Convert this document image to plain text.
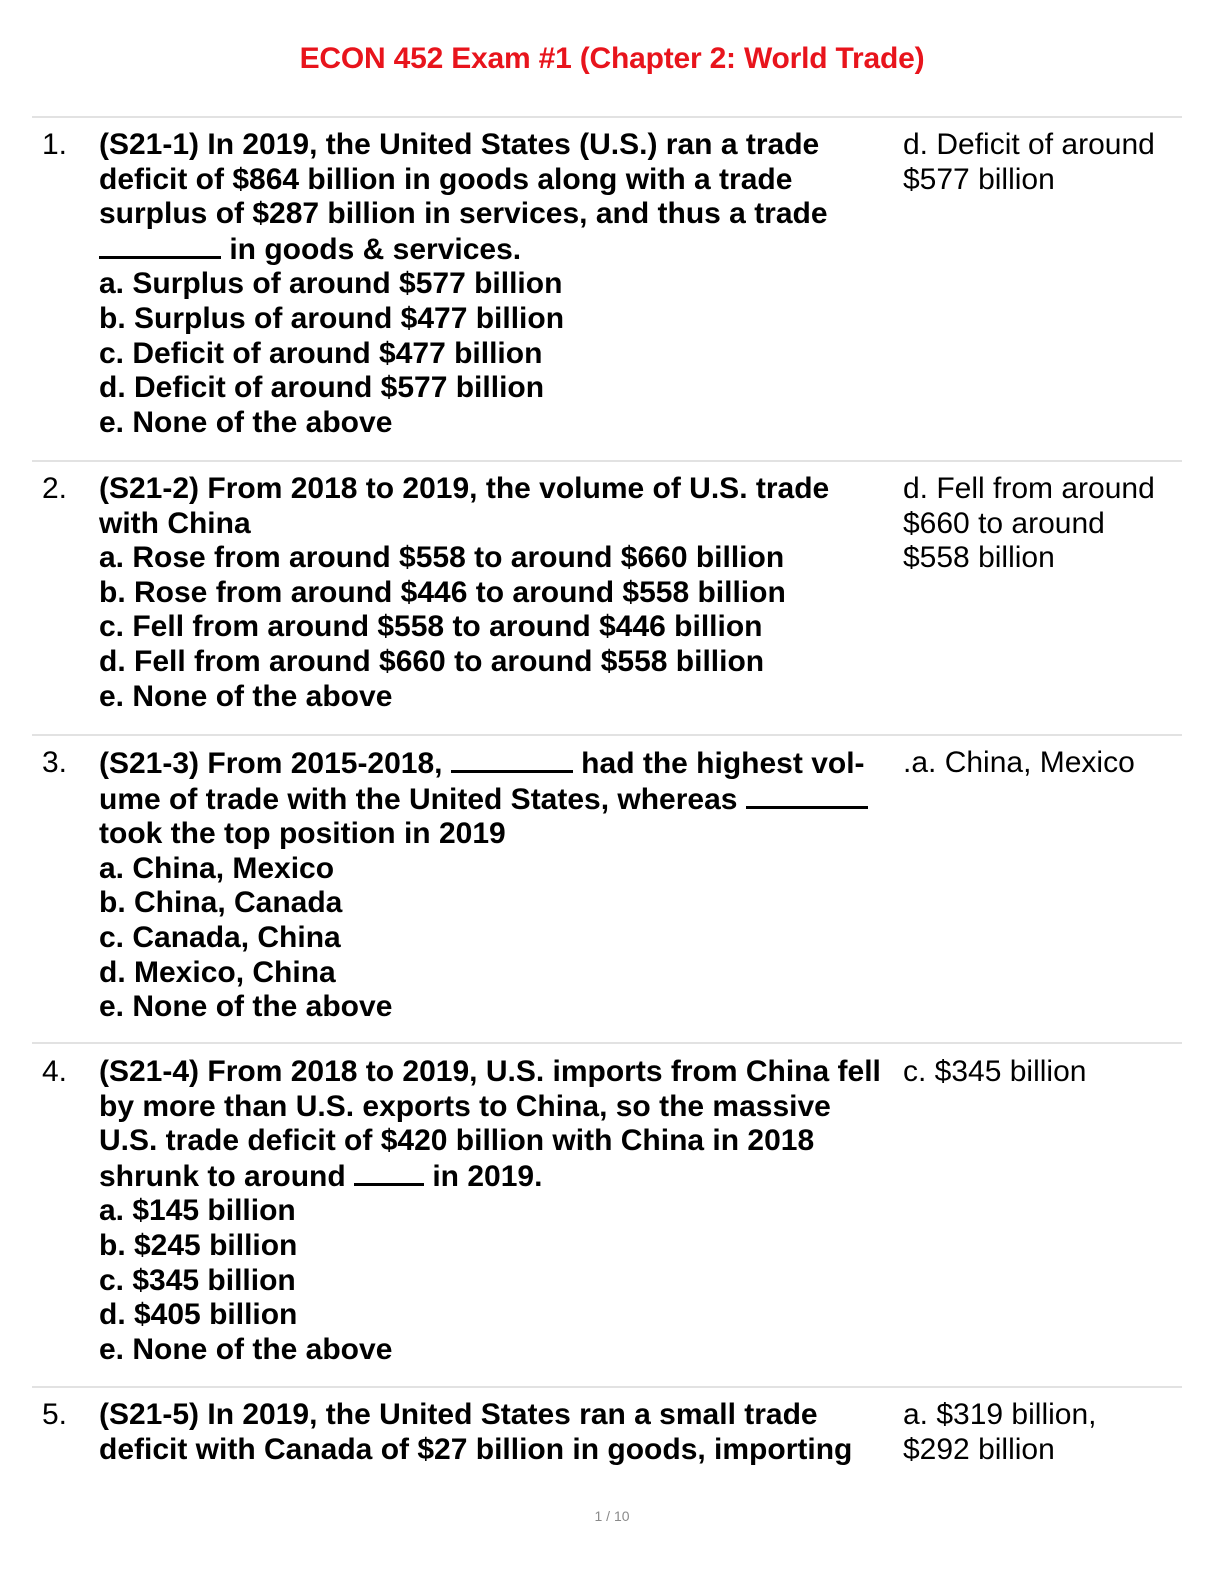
ECON 452 Exam #1 (Chapter 2: World Trade)
1. (S21-1) In 2019, the United States (U.S.) ran a trade
deficit of $864 billion in goods along with a trade
surplus of $287 billion in services, and thus a trade
in goods & services.
a. Surplus of around $577 billion
b. Surplus of around $477 billion
c. Deficit of around $477 billion
d. Deficit of around $577 billion
e. None of the above
d. Deficit of around
$577 billion
2. (S21-2) From 2018 to 2019, the volume of U.S. trade
with China
a. Rose from around $558 to around $660 billion
b. Rose from around $446 to around $558 billion
c. Fell from around $558 to around $446 billion
d. Fell from around $660 to around $558 billion
e. None of the above
d. Fell from around
$660 to around
$558 billion
3. (S21-3) From 2015-2018,	had the highest vol-
ume of trade with the United States, whereas
took the top position in 2019
a. China, Mexico
b. China, Canada
c. Canada, China
d. Mexico, China
e. None of the above
.a. China, Mexico
4. (S21-4) From 2018 to 2019, U.S. imports from China fell
by more than U.S. exports to China, so the massive
U.S. trade deficit of $420 billion with China in 2018
shrunk to around  in 2019.
a. $145 billion
b. $245 billion
c. $345 billion
d. $405 billion
e. None of the above
c. $345 billion
5. (S21-5) In 2019, the United States ran a small trade
deficit with Canada of $27 billion in goods, importing
a. $319 billion,
$292 billion
1 / 10
